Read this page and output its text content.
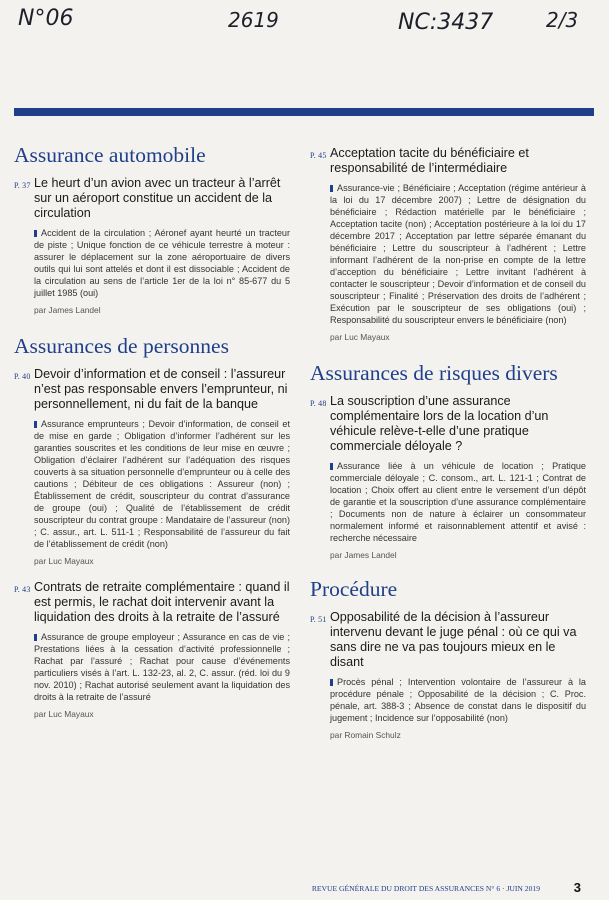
N°06	2619	NC:3437	2/3
Assurance automobile
P. 37 Le heurt d’un avion avec un tracteur à l’arrêt sur un aéroport constitue un accident de la circulation
Accident de la circulation ; Aéronef ayant heurté un tracteur de piste ; Unique fonction de ce véhicule terrestre à moteur : assurer le déplacement sur la zone aéroportuaire de divers outils qui lui sont attelés et dont il est dissociable ; Accident de la circulation au sens de l’article 1er de la loi n° 85-677 du 5 juillet 1985 (oui)
par James Landel
Assurances de personnes
P. 40 Devoir d’information et de conseil : l’assureur n’est pas responsable envers l’emprunteur, ni personnellement, ni du fait de la banque
Assurance emprunteurs ; Devoir d’information, de conseil et de mise en garde ; Obligation d’informer l’adhérent sur les garanties souscrites et les conditions de leur mise en œuvre ; Obligation d’éclairer l’adhérent sur l’adéquation des risques couverts à sa situation personnelle d’emprunteur ou à celle des cautions ; Débiteur de ces obligations : Assureur (non) ; Établissement de crédit, souscripteur du contrat d’assurance de groupe (oui) ; Qualité de l’établissement de crédit souscripteur du contrat groupe : Mandataire de l’assureur (non) ; C. assur., art. L. 511-1 ; Responsabilité de l’assureur du fait de l’établissement de crédit (non)
par Luc Mayaux
P. 43 Contrats de retraite complémentaire : quand il est permis, le rachat doit intervenir avant la liquidation des droits à la retraite de l’assuré
Assurance de groupe employeur ; Assurance en cas de vie ; Prestations liées à la cessation d’activité professionnelle ; Rachat par l’assuré ; Rachat pour cause d’événements particuliers visés à l’art. L. 132-23, al. 2, C. assur. (réd. loi du 9 nov. 2010) ; Rachat autorisé seulement avant la liquidation des droits à la retraite de l’assuré
par Luc Mayaux
P. 45 Acceptation tacite du bénéficiaire et responsabilité de l’intermédiaire
Assurance-vie ; Bénéficiaire ; Acceptation (régime antérieur à la loi du 17 décembre 2007) ; Lettre de désignation du bénéficiaire ; Rédaction matérielle par le bénéficiaire ; Acceptation tacite (non) ; Acceptation postérieure à la loi du 17 décembre 2017 ; Acceptation par lettre séparée émanant du bénéficiaire ; Lettre du souscripteur à l’adhérent ; Lettre informant l’adhérent de la non-prise en compte de la lettre d’acception du bénéficiaire ; Lettre invitant l’adhérent à contacter le souscripteur ; Devoir d’information et de conseil du souscripteur ; Finalité ; Préservation des droits de l’adhérent ; Exécution par le souscripteur de ses obligations (oui) ; Responsabilité du souscripteur envers le bénéficiaire (non)
par Luc Mayaux
Assurances de risques divers
P. 48 La souscription d’une assurance complémentaire lors de la location d’un véhicule relève-t-elle d’une pratique commerciale déloyale ?
Assurance liée à un véhicule de location ; Pratique commerciale déloyale ; C. consom., art. L. 121-1 ; Contrat de location ; Choix offert au client entre le versement d’un dépôt de garantie et la souscription d’une assurance complémentaire ; Documents non de nature à éclairer un consommateur normalement informé et raisonnablement attentif et avisé : recherche nécessaire
par James Landel
Procédure
P. 51 Opposabilité de la décision à l’assureur intervenu devant le juge pénal : où ce qui va sans dire ne va pas toujours mieux en le disant
Procès pénal ; Intervention volontaire de l’assureur à la procédure pénale ; Opposabilité de la décision ; C. Proc. pénale, art. 388-3 ; Absence de constat dans le dispositif du jugement ; Incidence sur l’opposabilité (non)
par Romain Schulz
REVUE GÉNÉRALE DU DROIT DES ASSURANCES N° 6 · JUIN 2019	3
